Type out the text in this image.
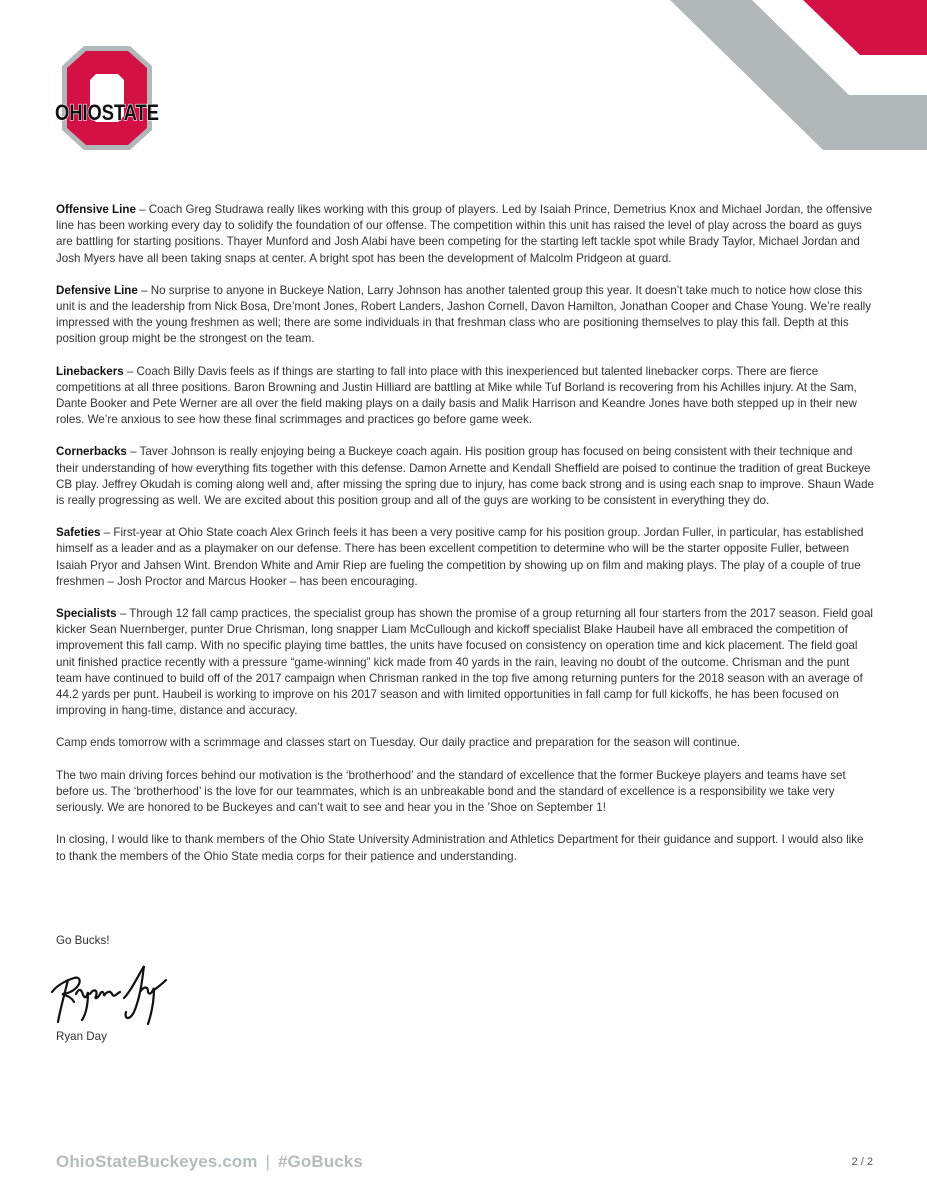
OHIOSTATE

Offensive Line – Coach Greg Studrawa really likes working with this group of players. Led by Isaiah Prince, Demetrius Knox and Michael Jordan, the offensive line has been working every day to solidify the foundation of our offense. The competition within this unit has raised the level of play across the board as guys are battling for starting positions. Thayer Munford and Josh Alabi have been competing for the starting left tackle spot while Brady Taylor, Michael Jordan and Josh Myers have all been taking snaps at center. A bright spot has been the development of Malcolm Pridgeon at guard.

Defensive Line – No surprise to anyone in Buckeye Nation, Larry Johnson has another talented group this year. It doesn’t take much to notice how close this unit is and the leadership from Nick Bosa, Dre’mont Jones, Robert Landers, Jashon Cornell, Davon Hamilton, Jonathan Cooper and Chase Young. We’re really impressed with the young freshmen as well; there are some individuals in that freshman class who are positioning themselves to play this fall. Depth at this position group might be the strongest on the team.

Linebackers – Coach Billy Davis feels as if things are starting to fall into place with this inexperienced but talented linebacker corps. There are fierce competitions at all three positions. Baron Browning and Justin Hilliard are battling at Mike while Tuf Borland is recovering from his Achilles injury. At the Sam, Dante Booker and Pete Werner are all over the field making plays on a daily basis and Malik Harrison and Keandre Jones have both stepped up in their new roles. We’re anxious to see how these final scrimmages and practices go before game week.

Cornerbacks – Taver Johnson is really enjoying being a Buckeye coach again. His position group has focused on being consistent with their technique and their understanding of how everything fits together with this defense. Damon Arnette and Kendall Sheffield are poised to continue the tradition of great Buckeye CB play. Jeffrey Okudah is coming along well and, after missing the spring due to injury, has come back strong and is using each snap to improve. Shaun Wade is really progressing as well. We are excited about this position group and all of the guys are working to be consistent in everything they do.

Safeties – First-year at Ohio State coach Alex Grinch feels it has been a very positive camp for his position group. Jordan Fuller, in particular, has established himself as a leader and as a playmaker on our defense. There has been excellent competition to determine who will be the starter opposite Fuller, between Isaiah Pryor and Jahsen Wint. Brendon White and Amir Riep are fueling the competition by showing up on film and making plays. The play of a couple of true freshmen – Josh Proctor and Marcus Hooker – has been encouraging.

Specialists – Through 12 fall camp practices, the specialist group has shown the promise of a group returning all four starters from the 2017 season. Field goal kicker Sean Nuernberger, punter Drue Chrisman, long snapper Liam McCullough and kickoff specialist Blake Haubeil have all embraced the competition of improvement this fall camp. With no specific playing time battles, the units have focused on consistency on operation time and kick placement. The field goal unit finished practice recently with a pressure “game-winning” kick made from 40 yards in the rain, leaving no doubt of the outcome. Chrisman and the punt team have continued to build off of the 2017 campaign when Chrisman ranked in the top five among returning punters for the 2018 season with an average of 44.2 yards per punt. Haubeil is working to improve on his 2017 season and with limited opportunities in fall camp for full kickoffs, he has been focused on improving in hang-time, distance and accuracy.

Camp ends tomorrow with a scrimmage and classes start on Tuesday. Our daily practice and preparation for the season will continue.

The two main driving forces behind our motivation is the ‘brotherhood’ and the standard of excellence that the former Buckeye players and teams have set before us. The ‘brotherhood’ is the love for our teammates, which is an unbreakable bond and the standard of excellence is a responsibility we take very seriously. We are honored to be Buckeyes and can’t wait to see and hear you in the ’Shoe on September 1!

In closing, I would like to thank members of the Ohio State University Administration and Athletics Department for their guidance and support. I would also like to thank the members of the Ohio State media corps for their patience and understanding.

Go Bucks!
Ryan Day
OhioStateBuckeyes.com | #GoBucks	2 / 2
